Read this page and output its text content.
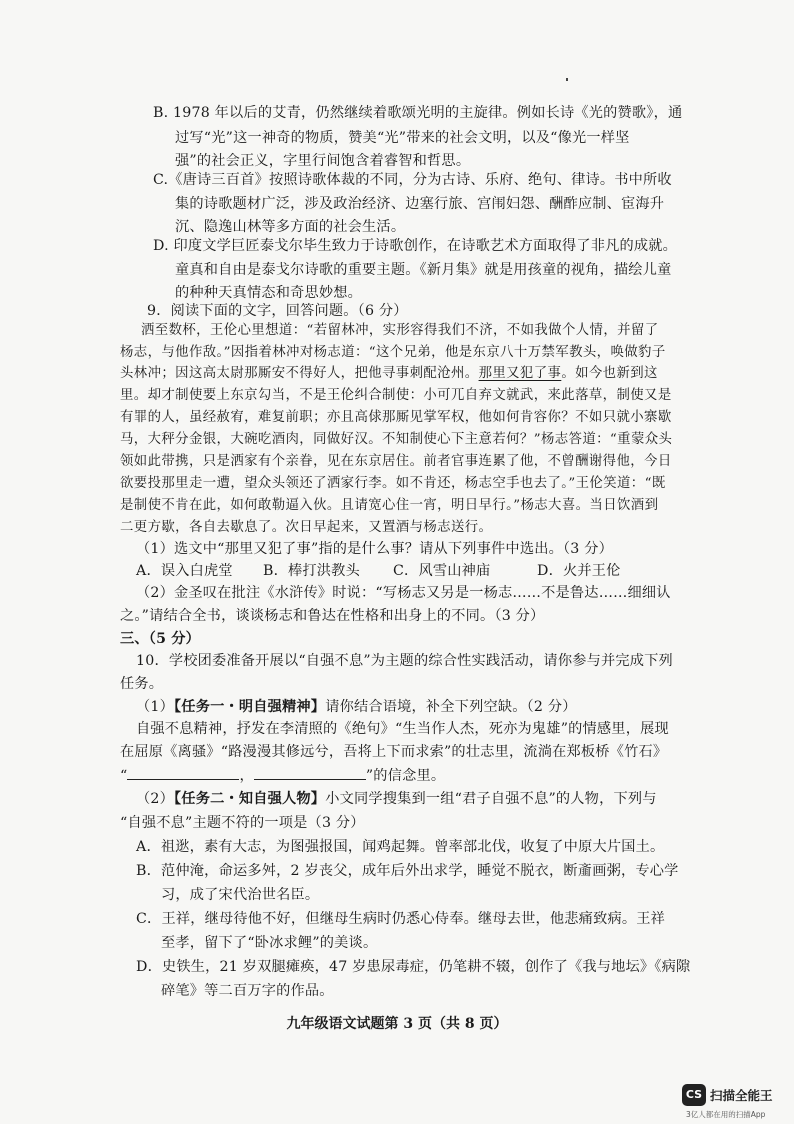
B. 1978 年以后的艾青，仍然继续着歌颂光明的主旋律。例如长诗《光的赞歌》，通
过写“光”这一神奇的物质，赞美“光”带来的社会文明，以及“像光一样坚
强”的社会正义，字里行间饱含着睿智和哲思。
C.《唐诗三百首》按照诗歌体裁的不同，分为古诗、乐府、绝句、律诗。书中所收
集的诗歌题材广泛，涉及政治经济、边塞行旅、宫闱妇怨、酬酢应制、宦海升
沉、隐逸山林等多方面的社会生活。
D. 印度文学巨匠泰戈尔毕生致力于诗歌创作，在诗歌艺术方面取得了非凡的成就。
童真和自由是泰戈尔诗歌的重要主题。《新月集》就是用孩童的视角，描绘儿童
的种种天真情态和奇思妙想。
9．阅读下面的文字，回答问题。（6 分）
洒至数杯，王伦心里想道：“若留林冲，实形容得我们不济，不如我做个人情，并留了
杨志，与他作敌。”因指着林冲对杨志道：“这个兄弟，他是东京八十万禁军教头，唤做豹子
头林冲；因这高太尉那厮安不得好人，把他寻事刺配沧州。那里又犯了事。如今也新到这
里。却才制使要上东京勾当，不是王伦纠合制使：小可兀自弃文就武，来此落草，制使又是
有罪的人，虽经赦宥，难复前职；亦且高俅那厮见掌军权，他如何肯容你？不如只就小寨歇
马，大秤分金银，大碗吃酒肉，同做好汉。不知制使心下主意若何？”杨志答道：“重蒙众头
领如此带携，只是洒家有个亲眷，见在东京居住。前者官事连累了他，不曾酬谢得他，今日
欲要投那里走一遭，望众头领还了洒家行李。如不肯还，杨志空手也去了。”王伦笑道：“既
是制使不肯在此，如何敢勒逼入伙。且请宽心住一宵，明日早行。”杨志大喜。当日饮酒到
二更方歇，各自去歇息了。次日早起来，又置酒与杨志送行。
（1）选文中“那里又犯了事”指的是什么事？请从下列事件中选出。（3 分）
A．误入白虎堂 B．棒打洪教头 C．风雪山神庙	D．火并王伦
（2）金圣叹在批注《水浒传》时说：“写杨志又另是一杨志……不是鲁达……细细认
之。”请结合全书，谈谈杨志和鲁达在性格和出身上的不同。（3 分）
三、（5 分）
10．学校团委准备开展以“自强不息”为主题的综合性实践活动，请你参与并完成下列
任务。
（1）【任务一・明自强精神】请你结合语境，补全下列空缺。（2 分）
自强不息精神，抒发在李清照的《绝句》“生当作人杰，死亦为鬼雄”的情感里，展现
在屈原《离骚》“路漫漫其修远兮，吾将上下而求索”的壮志里，流淌在郑板桥《竹石》
“	，	”的信念里。
（2）【任务二・知自强人物】小文同学搜集到一组“君子自强不息”的人物，下列与
“自强不息”主题不符的一项是（3 分）
A．祖逖，素有大志，为图强报国，闻鸡起舞。曾率部北伐，收复了中原大片国土。
B．范仲淹，命运多舛，2 岁丧父，成年后外出求学，睡觉不脱衣，断齑画粥，专心学
习，成了宋代治世名臣。
C．王祥，继母待他不好，但继母生病时仍悉心侍奉。继母去世，他悲痛致病。王祥
至孝，留下了“卧冰求鲤”的美谈。
D．史铁生，21 岁双腿瘫痪，47 岁患尿毒症，仍笔耕不辍，创作了《我与地坛》《病隙
碎笔》等二百万字的作品。
九年级语文试题第 3 页（共 8 页）
CS 扫描全能王
3亿人都在用的扫描App
